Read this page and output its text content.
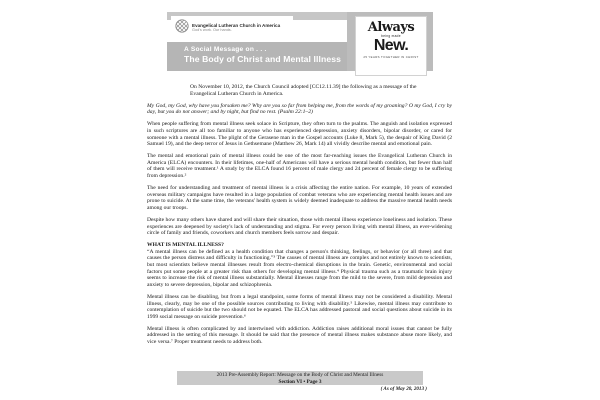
Evangelical Lutheran Church in America
God's work. Our hands.
A Social Message on . . .
The Body of Christ and Mental Illness
Always
being made
New.
25 YEARS TOGETHER IN CHRIST

On November 10, 2012, the Church Council adopted [CC12.11.39] the following as a message of the Evangelical Lutheran Church in America.

My God, my God, why have you forsaken me? Why are you so far from helping me, from the words of my groaning? O my God, I cry by day, but you do not answer; and by night, but find no rest. (Psalm 22:1–2)

When people suffering from mental illness seek solace in Scripture, they often turn to the psalms. The anguish and isolation expressed in such scriptures are all too familiar to anyone who has experienced depression, anxiety disorders, bipolar disorder, or cared for someone with a mental illness. The plight of the Gerasene man in the Gospel accounts (Luke 8, Mark 5), the despair of King David (2 Samuel 19), and the deep terror of Jesus in Gethsemane (Matthew 26, Mark 14) all vividly describe mental and emotional pain.

The mental and emotional pain of mental illness could be one of the most far-reaching issues the Evangelical Lutheran Church in America (ELCA) encounters. In their lifetimes, one-half of Americans will have a serious mental health condition, but fewer than half of them will receive treatment.¹ A study by the ELCA found 16 percent of male clergy and 24 percent of female clergy to be suffering from depression.²

The need for understanding and treatment of mental illness is a crisis affecting the entire nation. For example, 10 years of extended overseas military campaigns have resulted in a large population of combat veterans who are experiencing mental health issues and are prone to suicide. At the same time, the veterans' health system is widely deemed inadequate to address the massive mental health needs among our troops.

Despite how many others have shared and will share their situation, those with mental illness experience loneliness and isolation. These experiences are deepened by society's lack of understanding and stigma. For every person living with mental illness, an ever-widening circle of family and friends, coworkers and church members feels sorrow and despair.

WHAT IS MENTAL ILLNESS?

“A mental illness can be defined as a health condition that changes a person's thinking, feelings, or behavior (or all three) and that causes the person distress and difficulty in functioning.”³ The causes of mental illness are complex and not entirely known to scientists, but most scientists believe mental illnesses result from electro-chemical disruptions in the brain. Genetic, environmental and social factors put some people at a greater risk than others for developing mental illness.⁴ Physical trauma such as a traumatic brain injury seems to increase the risk of mental illness substantially. Mental illnesses range from the mild to the severe, from mild depression and anxiety to severe depression, bipolar and schizophrenia.

Mental illness can be disabling, but from a legal standpoint, some forms of mental illness may not be considered a disability. Mental illness, clearly, may be one of the possible sources contributing to living with disability.⁵ Likewise, mental illness may contribute to contemplation of suicide but the two should not be equated. The ELCA has addressed pastoral and social questions about suicide in its 1999 social message on suicide prevention.⁶

Mental illness is often complicated by and intertwined with addiction. Addiction raises additional moral issues that cannot be fully addressed in the setting of this message. It should be said that the presence of mental illness makes substance abuse more likely, and vice versa.⁷ Proper treatment needs to address both.

2013 Pre-Assembly Report: Message on the Body of Christ and Mental Illness
Section VI • Page 3
( As of May 20, 2013 )
